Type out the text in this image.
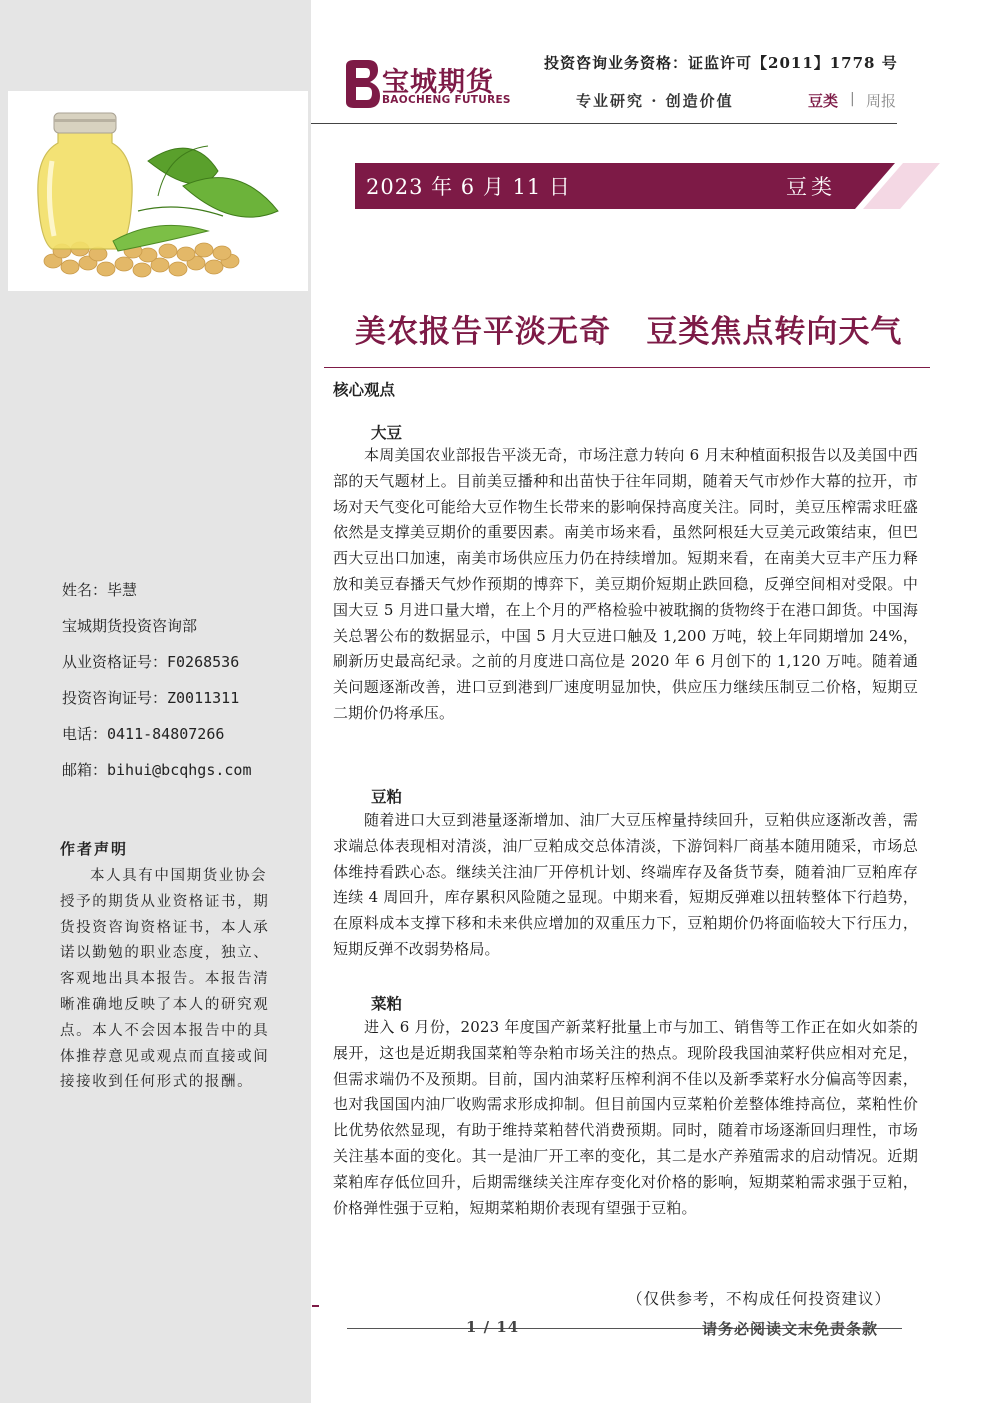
姓名：毕慧
宝城期货投资咨询部
从业资格证号：F0268536
投资咨询证号：Z0011311
电话：0411-84807266
邮箱：bihui@bcqhgs.com
作者声明
本人具有中国期货业协会授予的期货从业资格证书，期货投资咨询资格证书，本人承诺以勤勉的职业态度，独立、客观地出具本报告。本报告清晰准确地反映了本人的研究观点。本人不会因本报告中的具体推荐意见或观点而直接或间接接收到任何形式的报酬。
宝城期货
BAOCHENG FUTURES
投资咨询业务资格：证监许可【2011】1778 号
专业研究 · 创造价值	豆类 | 周报
2023 年 6 月 11 日	豆类
美农报告平淡无奇   豆类焦点转向天气
核心观点
大豆
本周美国农业部报告平淡无奇，市场注意力转向 6 月末种植面积报告以及美国中西部的天气题材上。目前美豆播种和出苗快于往年同期，随着天气市炒作大幕的拉开，市场对天气变化可能给大豆作物生长带来的影响保持高度关注。同时，美豆压榨需求旺盛依然是支撑美豆期价的重要因素。南美市场来看，虽然阿根廷大豆美元政策结束，但巴西大豆出口加速，南美市场供应压力仍在持续增加。短期来看，在南美大豆丰产压力释放和美豆春播天气炒作预期的博弈下，美豆期价短期止跌回稳，反弹空间相对受限。中国大豆 5 月进口量大增，在上个月的严格检验中被耽搁的货物终于在港口卸货。中国海关总署公布的数据显示，中国 5 月大豆进口触及 1,200 万吨，较上年同期增加 24%，刷新历史最高纪录。之前的月度进口高位是 2020 年 6 月创下的 1,120 万吨。随着通关问题逐渐改善，进口豆到港到厂速度明显加快，供应压力继续压制豆二价格，短期豆二期价仍将承压。
豆粕
随着进口大豆到港量逐渐增加、油厂大豆压榨量持续回升，豆粕供应逐渐改善，需求端总体表现相对清淡，油厂豆粕成交总体清淡，下游饲料厂商基本随用随采，市场总体维持看跌心态。继续关注油厂开停机计划、终端库存及备货节奏，随着油厂豆粕库存连续 4 周回升，库存累积风险随之显现。中期来看，短期反弹难以扭转整体下行趋势，在原料成本支撑下移和未来供应增加的双重压力下，豆粕期价仍将面临较大下行压力，短期反弹不改弱势格局。
菜粕
进入 6 月份，2023 年度国产新菜籽批量上市与加工、销售等工作正在如火如荼的展开，这也是近期我国菜粕等杂粕市场关注的热点。现阶段我国油菜籽供应相对充足，但需求端仍不及预期。目前，国内油菜籽压榨利润不佳以及新季菜籽水分偏高等因素，也对我国国内油厂收购需求形成抑制。但目前国内豆菜粕价差整体维持高位，菜粕性价比优势依然显现，有助于维持菜粕替代消费预期。同时，随着市场逐渐回归理性，市场关注基本面的变化。其一是油厂开工率的变化，其二是水产养殖需求的启动情况。近期菜粕库存低位回升，后期需继续关注库存变化对价格的影响，短期菜粕需求强于豆粕，价格弹性强于豆粕，短期菜粕期价表现有望强于豆粕。
（仅供参考，不构成任何投资建议）
1 / 14	请务必阅读文末免责条款
